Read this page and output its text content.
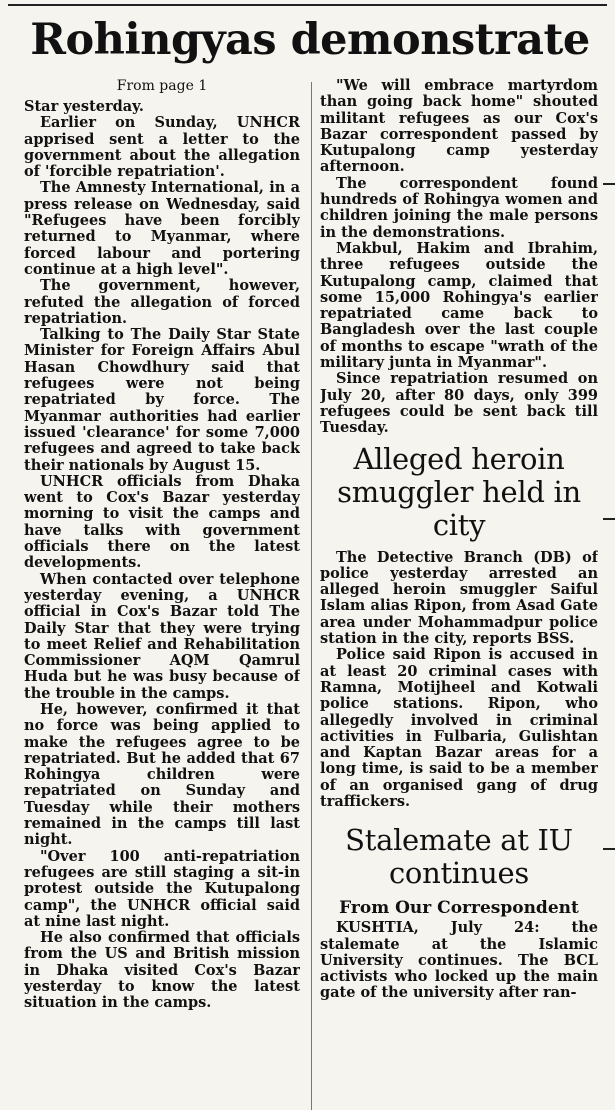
Rohingyas demonstrate
From page 1

Star yesterday.

Earlier on Sunday, UNHCR apprised sent a letter to the government about the allegation of 'forcible repatriation'.

The Amnesty International, in a press release on Wednesday, said "Refugees have been forcibly returned to Myanmar, where forced labour and portering continue at a high level".

The government, however, refuted the allegation of forced repatriation.

Talking to The Daily Star State Minister for Foreign Affairs Abul Hasan Chowdhury said that refugees were not being repatriated by force. The Myanmar authorities had earlier issued 'clearance' for some 7,000 refugees and agreed to take back their nationals by August 15.

UNHCR officials from Dhaka went to Cox's Bazar yesterday morning to visit the camps and have talks with government officials there on the latest developments.

When contacted over telephone yesterday evening, a UNHCR official in Cox's Bazar told The Daily Star that they were trying to meet Relief and Rehabilitation Commissioner AQM Qamrul Huda but he was busy because of the trouble in the camps.

He, however, confirmed it that no force was being applied to make the refugees agree to be repatriated. But he added that 67 Rohingya children were repatriated on Sunday and Tuesday while their mothers remained in the camps till last night.

"Over 100 anti-repatriation refugees are still staging a sit-in protest outside the Kutupalong camp", the UNHCR official said at nine last night.

He also confirmed that officials from the US and British mission in Dhaka visited Cox's Bazar yesterday to know the latest situation in the camps.

"We will embrace martyrdom than going back home" shouted militant refugees as our Cox's Bazar correspondent passed by Kutupalong camp yesterday afternoon.

The correspondent found hundreds of Rohingya women and children joining the male persons in the demonstrations.

Makbul, Hakim and Ibrahim, three refugees outside the Kutupalong camp, claimed that some 15,000 Rohingya's earlier repatriated came back to Bangladesh over the last couple of months to escape "wrath of the military junta in Myanmar".

Since repatriation resumed on July 20, after 80 days, only 399 refugees could be sent back till Tuesday.

Alleged heroin smuggler held in city

The Detective Branch (DB) of police yesterday arrested an alleged heroin smuggler Saiful Islam alias Ripon, from Asad Gate area under Mohammadpur police station in the city, reports BSS.

Police said Ripon is accused in at least 20 criminal cases with Ramna, Motijheel and Kotwali police stations. Ripon, who allegedly involved in criminal activities in Fulbaria, Gulishtan and Kaptan Bazar areas for a long time, is said to be a member of an organised gang of drug traffickers.

Stalemate at IU continues
From Our Correspondent

KUSHTIA, July 24: the stalemate at the Islamic University continues. The BCL activists who locked up the main gate of the university after ran-
